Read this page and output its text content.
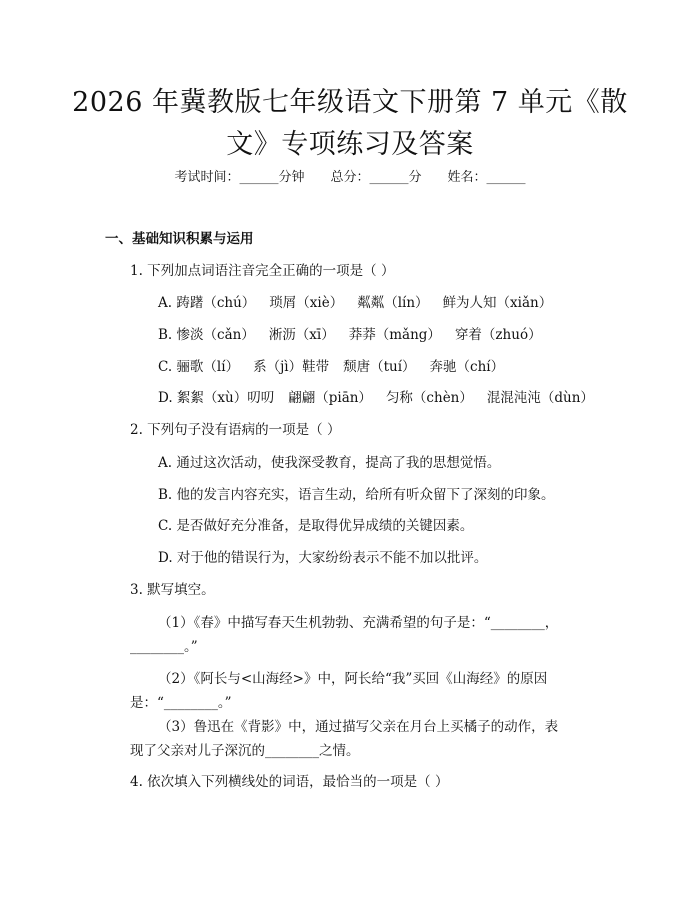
2026 年冀教版七年级语文下册第 7 单元《散
文》专项练习及答案
考试时间：______分钟 总分：______分 姓名：______
一、基础知识积累与运用
1. 下列加点词语注音完全正确的一项是（ ）
A. 踌躇（chú） 琐屑（xiè） 粼粼（lín） 鲜为人知（xiǎn）
B. 惨淡（cǎn） 淅沥（xī） 莽莽（mǎng） 穿着（zhuó）
C. 骊歌（lí） 系（jì）鞋带 颓唐（tuí） 奔驰（chí）
D. 絮絮（xù）叨叨 翩翩（piān） 匀称（chèn） 混混沌沌（dùn）
2. 下列句子没有语病的一项是（ ）
A. 通过这次活动，使我深受教育，提高了我的思想觉悟。
B. 他的发言内容充实，语言生动，给所有听众留下了深刻的印象。
C. 是否做好充分准备，是取得优异成绩的关键因素。
D. 对于他的错误行为，大家纷纷表示不能不加以批评。
3. 默写填空。
（1）《春》中描写春天生机勃勃、充满希望的句子是：“________，________。”
（2）《阿长与<山海经>》中，阿长给“我”买回《山海经》的原因是：“________。”
（3）鲁迅在《背影》中，通过描写父亲在月台上买橘子的动作，表现了父亲对儿子深沉的________之情。
4. 依次填入下列横线处的词语，最恰当的一项是（ ）
